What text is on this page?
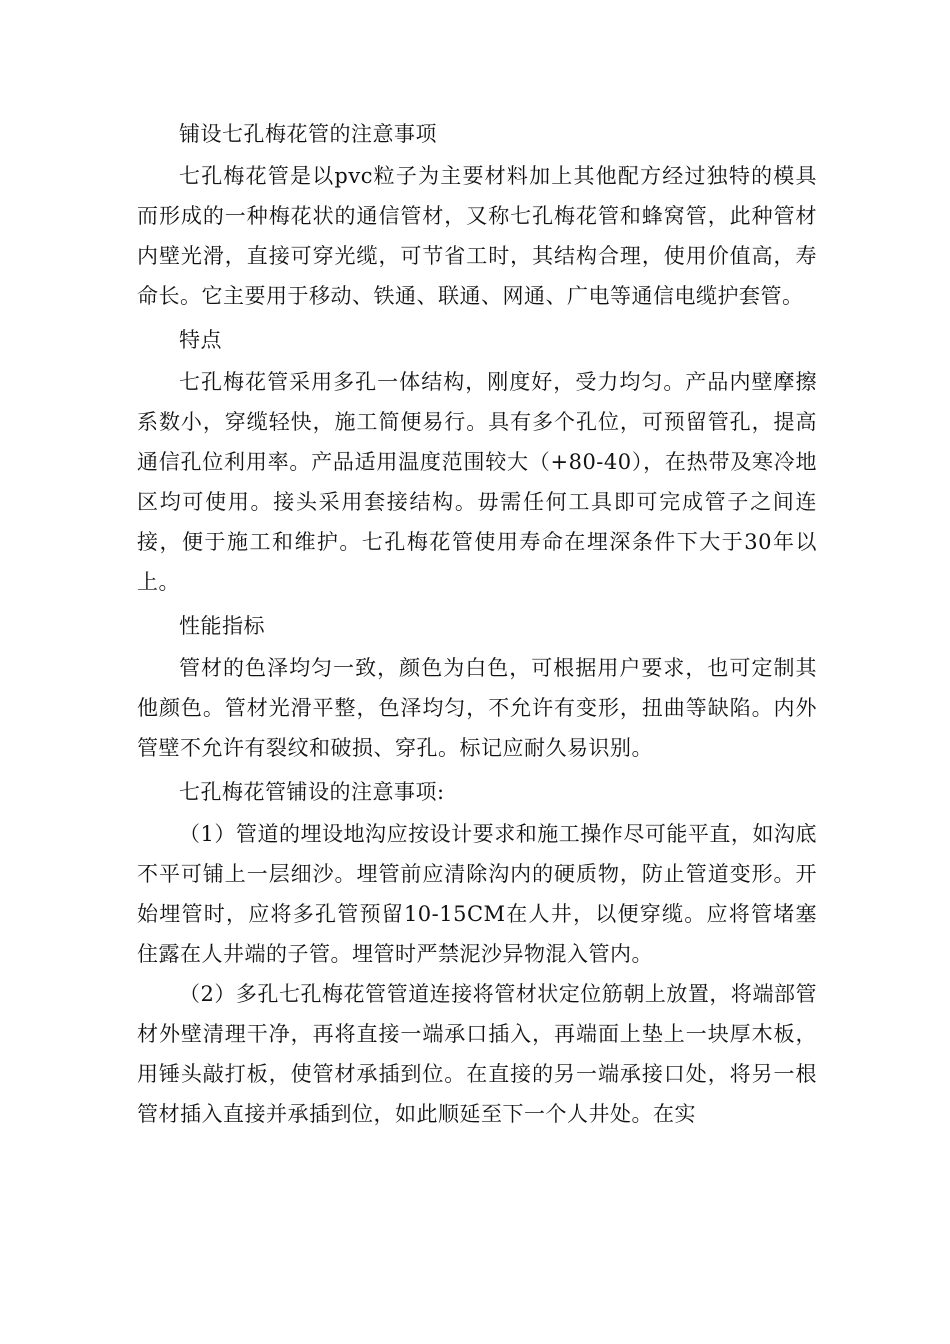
铺设七孔梅花管的注意事项

七孔梅花管是以pvc粒子为主要材料加上其他配方经过独特的模具而形成的一种梅花状的通信管材，又称七孔梅花管和蜂窝管，此种管材内壁光滑，直接可穿光缆，可节省工时，其结构合理，使用价值高，寿命长。它主要用于移动、铁通、联通、网通、广电等通信电缆护套管。

特点

七孔梅花管采用多孔一体结构，刚度好，受力均匀。产品内壁摩擦系数小，穿缆轻快，施工简便易行。具有多个孔位，可预留管孔，提高通信孔位利用率。产品适用温度范围较大（+80-40），在热带及寒冷地区均可使用。接头采用套接结构。毋需任何工具即可完成管子之间连接，便于施工和维护。七孔梅花管使用寿命在埋深条件下大于30年以上。

性能指标

管材的色泽均匀一致，颜色为白色，可根据用户要求，也可定制其他颜色。管材光滑平整，色泽均匀，不允许有变形，扭曲等缺陷。内外管壁不允许有裂纹和破损、穿孔。标记应耐久易识别。

七孔梅花管铺设的注意事项:

（1）管道的埋设地沟应按设计要求和施工操作尽可能平直，如沟底不平可铺上一层细沙。埋管前应清除沟内的硬质物，防止管道变形。开始埋管时，应将多孔管预留10-15CM在人井，以便穿缆。应将管堵塞住露在人井端的子管。埋管时严禁泥沙异物混入管内。

（2）多孔七孔梅花管管道连接将管材状定位筋朝上放置，将端部管材外壁清理干净，再将直接一端承口插入，再端面上垫上一块厚木板，用锤头敲打板，使管材承插到位。在直接的另一端承接口处，将另一根管材插入直接并承插到位，如此顺延至下一个人井处。在实
